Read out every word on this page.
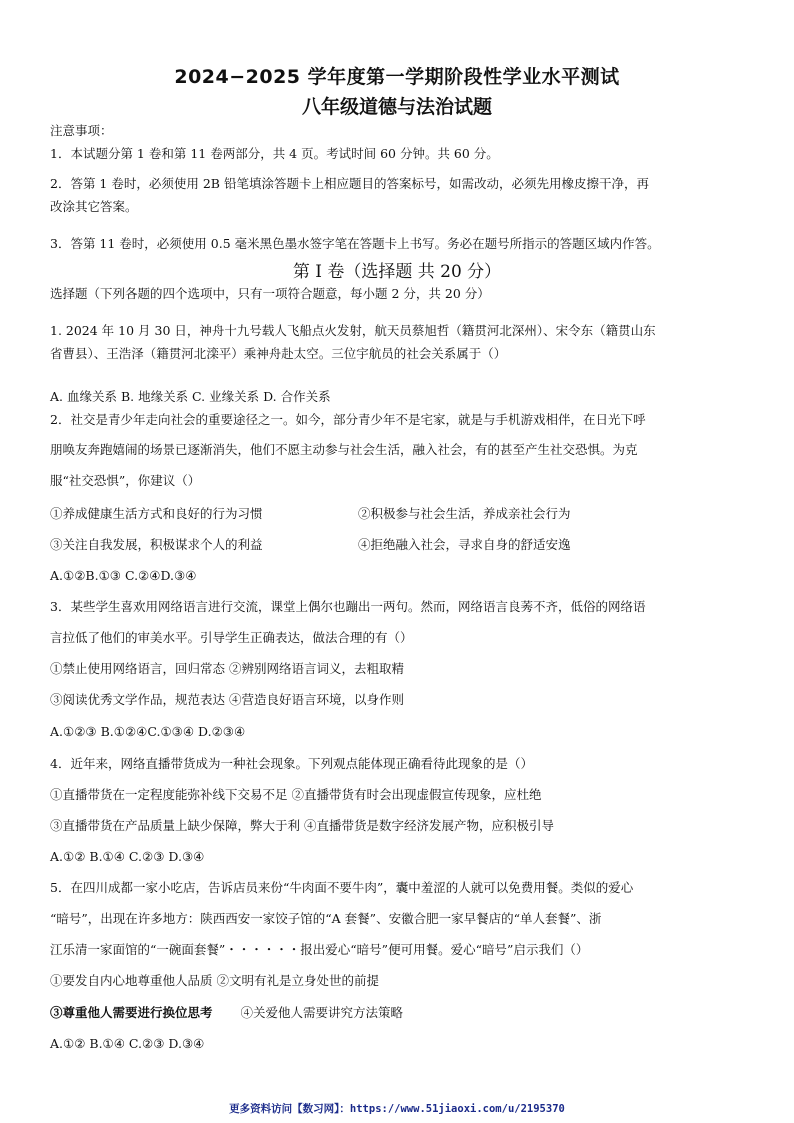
2024−2025 学年度第一学期阶段性学业水平测试
八年级道德与法治试题
注意事项：
1．本试题分第 1 卷和第 11 卷两部分，共 4 页。考试时间 60 分钟。共 60 分。
2．答第 1 卷时，必须使用 2B 铅笔填涂答题卡上相应题目的答案标号，如需改动，必须先用橡皮擦干净，再
改涂其它答案。
3．答第 11 卷时，必须使用 0.5 毫米黑色墨水签字笔在答题卡上书写。务必在题号所指示的答题区域内作答。
第 I 卷（选择题 共 20 分）
选择题（下列各题的四个选项中，只有一项符合题意，每小题 2 分，共 20 分）
1. 2024 年 10 月 30 日，神舟十九号载人飞船点火发射，航天员蔡旭哲（籍贯河北深州）、宋令东（籍贯山东
省曹县）、王浩泽（籍贯河北滦平）乘神舟赴太空。三位宇航员的社会关系属于（）
A. 血缘关系 B. 地缘关系 C. 业缘关系 D. 合作关系
2．社交是青少年走向社会的重要途径之一。如今，部分青少年不是宅家，就是与手机游戏相伴，在日光下呼
朋唤友奔跑嬉闹的场景已逐渐消失，他们不愿主动参与社会生活，融入社会，有的甚至产生社交恐惧。为克
服“社交恐惧”，你建议（）
①养成健康生活方式和良好的行为习惯	②积极参与社会生活，养成亲社会行为
③关注自我发展，积极谋求个人的利益	④拒绝融入社会，寻求自身的舒适安逸
A.①②B.①③ C.②④D.③④
3．某些学生喜欢用网络语言进行交流，课堂上偶尔也蹦出一两句。然而，网络语言良莠不齐，低俗的网络语
言拉低了他们的审美水平。引导学生正确表达，做法合理的有（）
①禁止使用网络语言，回归常态 ②辨别网络语言词义，去粗取精
③阅读优秀文学作品，规范表达 ④营造良好语言环境，以身作则
A.①②③ B.①②④C.①③④ D.②③④
4．近年来，网络直播带货成为一种社会现象。下列观点能体现正确看待此现象的是（）
①直播带货在一定程度能弥补线下交易不足 ②直播带货有时会出现虚假宣传现象，应杜绝
③直播带货在产品质量上缺少保障，弊大于利 ④直播带货是数字经济发展产物，应积极引导
A.①② B.①④ C.②③ D.③④
5．在四川成都一家小吃店，告诉店员来份“牛肉面不要牛肉”，囊中羞涩的人就可以免费用餐。类似的爱心
“暗号”，出现在许多地方：陕西西安一家饺子馆的“A 套餐”、安徽合肥一家早餐店的“单人套餐”、浙
江乐清一家面馆的“一碗面套餐”・・・・・・报出爱心“暗号”便可用餐。爱心“暗号”启示我们（）
①要发自内心地尊重他人品质 ②文明有礼是立身处世的前提
③尊重他人需要进行换位思考 ④关爱他人需要讲究方法策略
A.①② B.①④ C.②③ D.③④
更多资料访问【数习网】：https://www.51jiaoxi.com/u/2195370
